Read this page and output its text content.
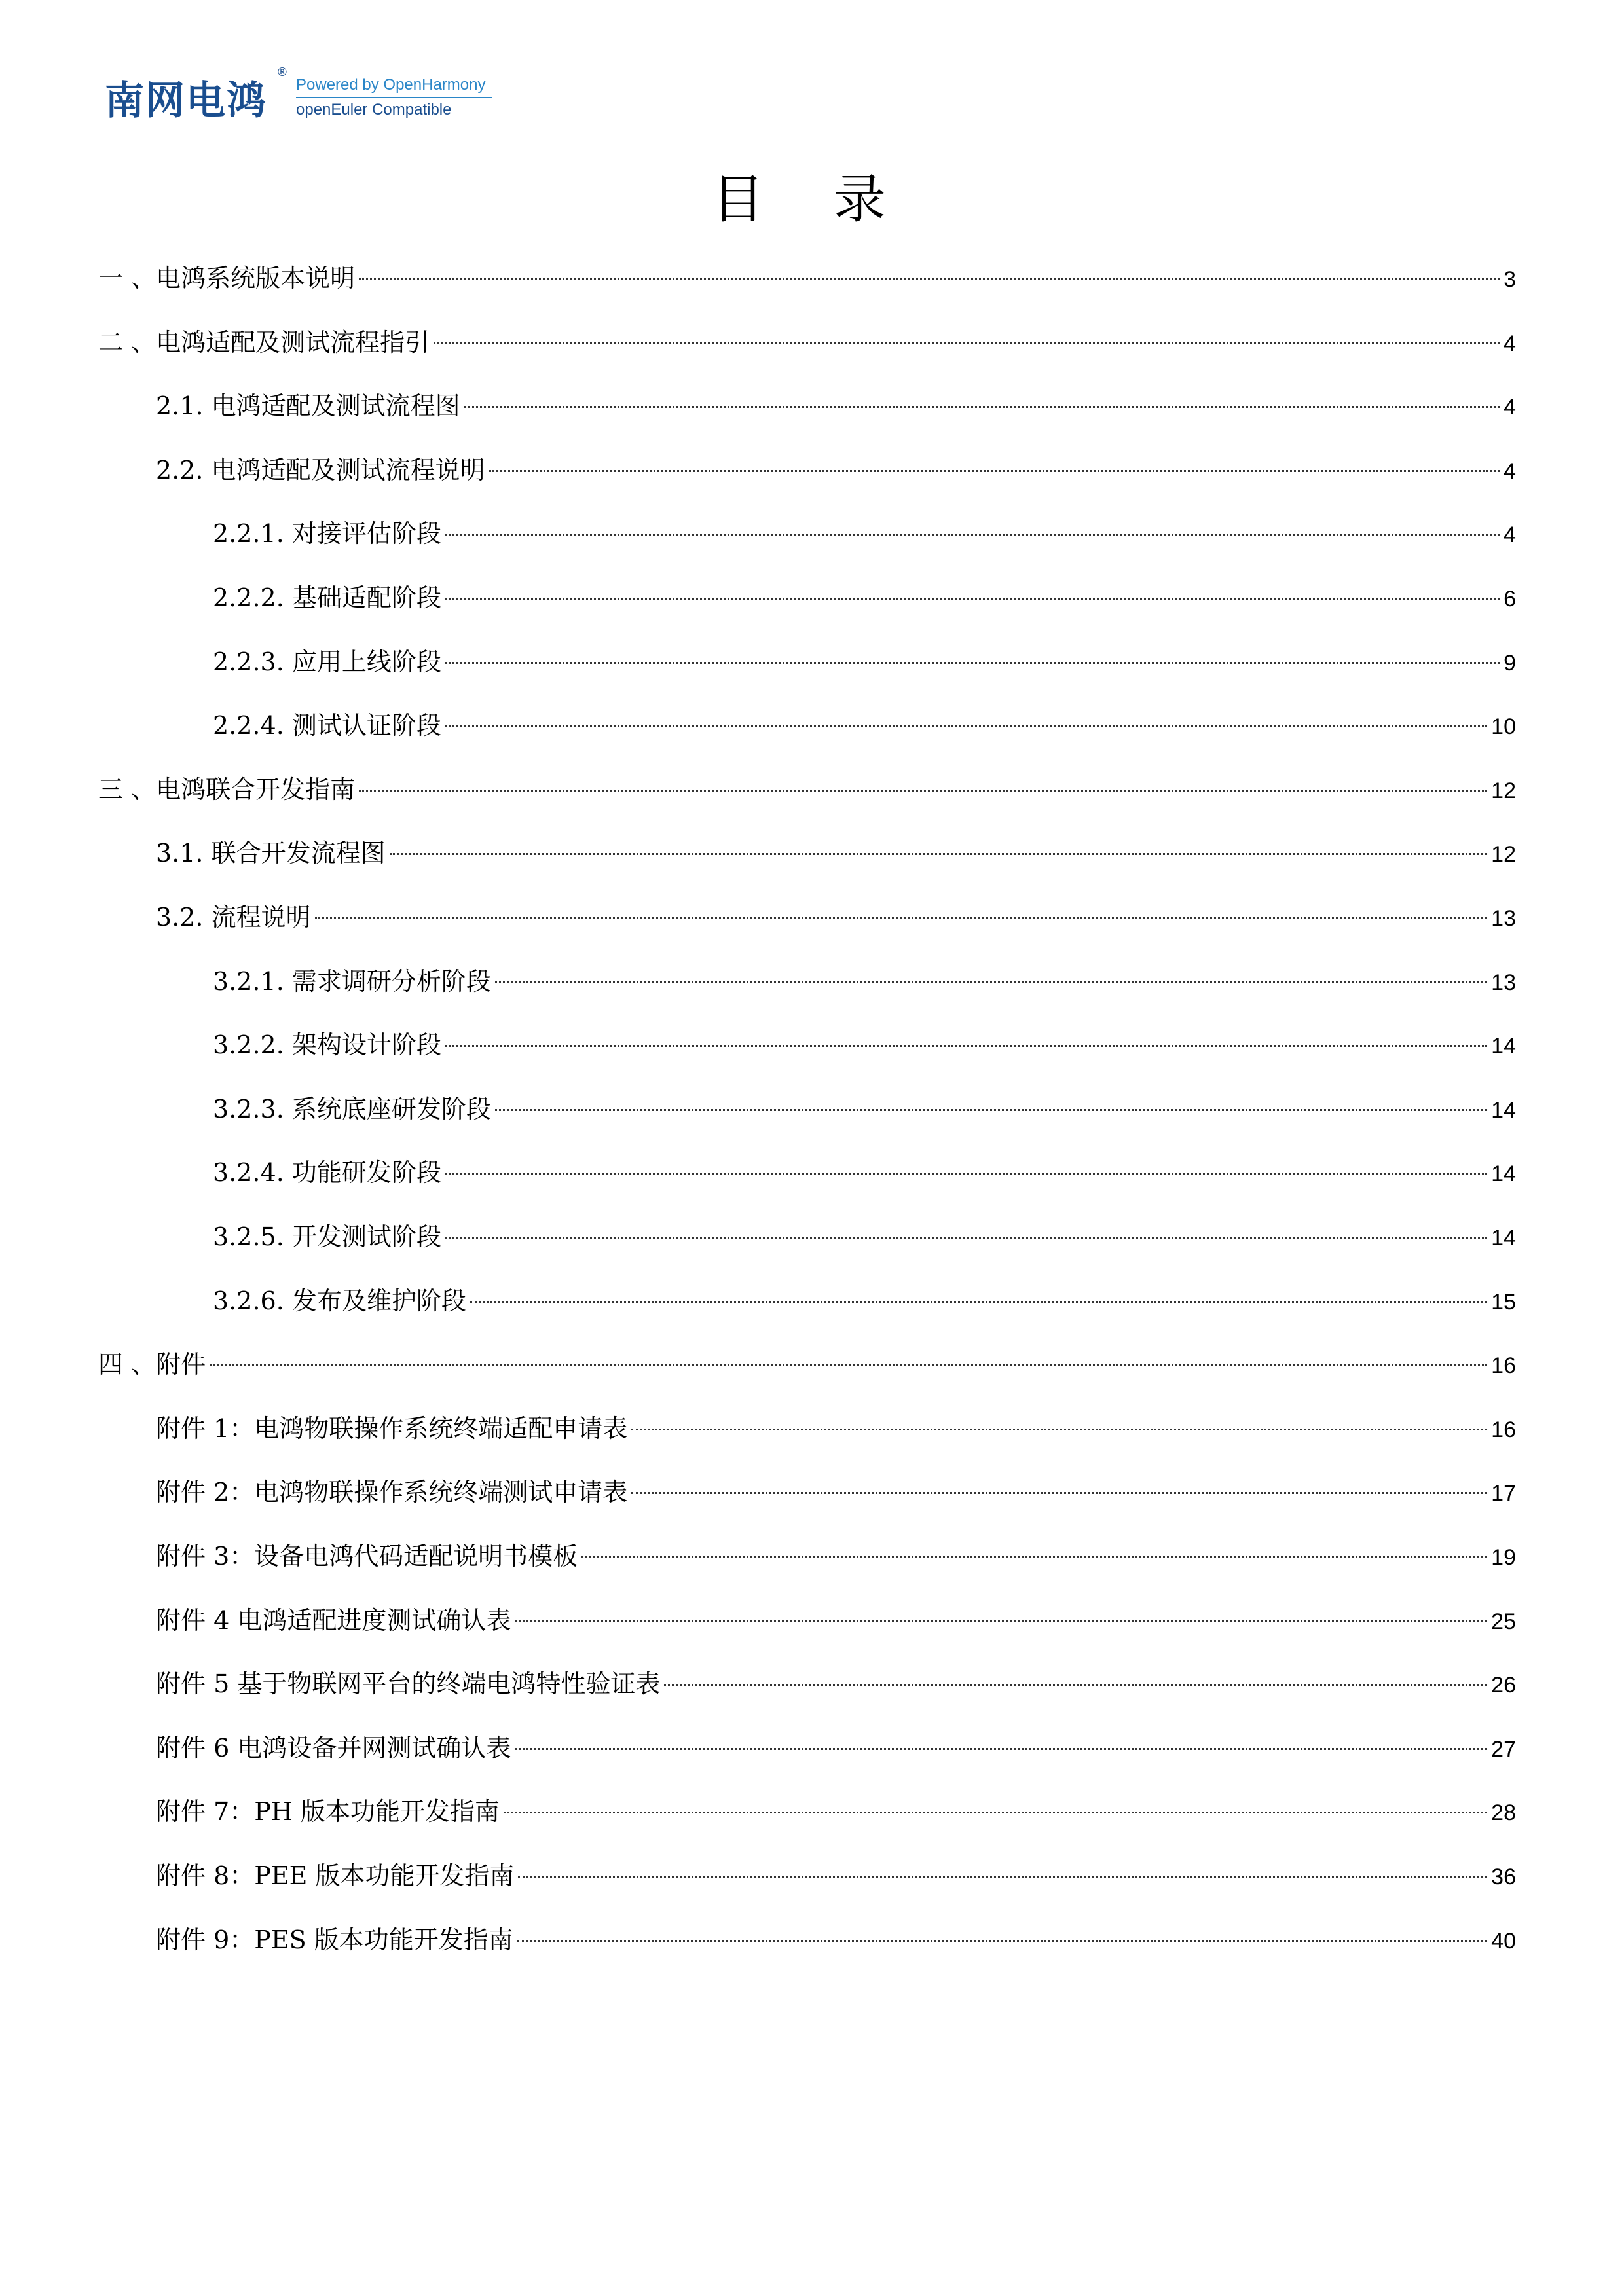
南网电鸿
®
Powered by OpenHarmony
openEuler Compatible
目 录
一 、电鸿系统版本说明	3
二 、电鸿适配及测试流程指引	4
2.1. 电鸿适配及测试流程图	4
2.2. 电鸿适配及测试流程说明	4
2.2.1. 对接评估阶段	4
2.2.2. 基础适配阶段	6
2.2.3. 应用上线阶段	9
2.2.4. 测试认证阶段	10
三 、电鸿联合开发指南	12
3.1. 联合开发流程图	12
3.2. 流程说明	13
3.2.1. 需求调研分析阶段	13
3.2.2. 架构设计阶段	14
3.2.3. 系统底座研发阶段	14
3.2.4. 功能研发阶段	14
3.2.5. 开发测试阶段	14
3.2.6. 发布及维护阶段	15
四 、附件	16
附件 1：电鸿物联操作系统终端适配申请表	16
附件 2：电鸿物联操作系统终端测试申请表	17
附件 3：设备电鸿代码适配说明书模板	19
附件 4 电鸿适配进度测试确认表	25
附件 5 基于物联网平台的终端电鸿特性验证表	26
附件 6 电鸿设备并网测试确认表	27
附件 7：PH 版本功能开发指南	28
附件 8：PEE 版本功能开发指南	36
附件 9：PES 版本功能开发指南	40
